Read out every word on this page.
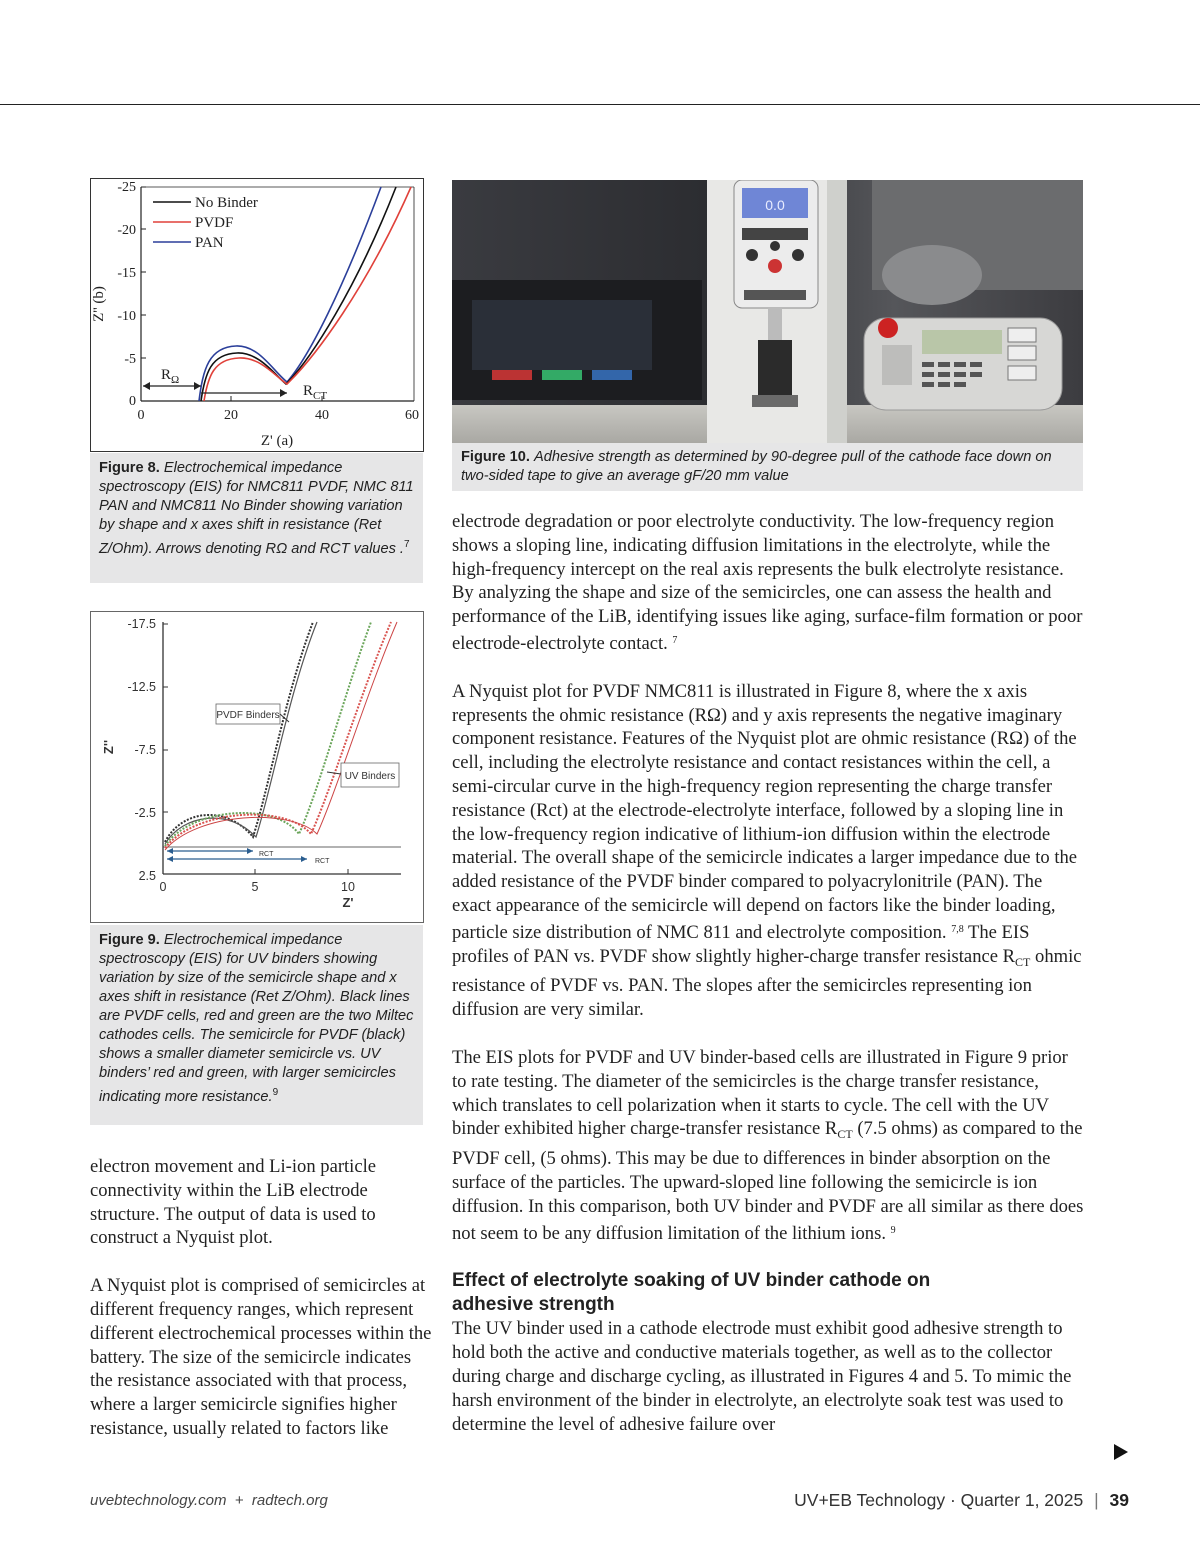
-25
-20
-15
-10
-5
0
0	20	40	60
Z' (a)
Z'' (b)
No Binder
PVDF
PAN
$R_\Omega$
$R_{CT}$
Figure 8. Electrochemical impedance spectroscopy (EIS) for NMC811 PVDF, NMC 811 PAN and NMC811 No Binder showing variation by shape and x axes shift in resistance (Ret Z/Ohm). Arrows denoting RΩ and RCT values .$^7$
-17.5
-12.5
-7.5
-2.5
2.5
0	5	10
Z'
Z''
PVDF Binders
UV Binders
RCT
RCT
Figure 9. Electrochemical impedance spectroscopy (EIS) for UV binders showing variation by size of the semicircle shape and x axes shift in resistance (Ret Z/Ohm). Black lines are PVDF cells, red and green are the two Miltec cathodes cells. The semicircle for PVDF (black) shows a smaller diameter semicircle vs. UV binders’ red and green, with larger semicircles indicating more resistance.$^9$
0.0
Figure 10. Adhesive strength as determined by 90-degree pull of the cathode face down on two-sided tape to give an average gF/20 mm value

electron movement and Li-ion particle connectivity within the LiB electrode structure. The output of data is used to construct a Nyquist plot.

A Nyquist plot is comprised of semicircles at different frequency ranges, which represent different electrochemical processes within the battery. The size of the semicircle indicates the resistance associated with that process, where a larger semicircle signifies higher resistance, usually related to factors like

electrode degradation or poor electrolyte conductivity. The low-frequency region shows a sloping line, indicating diffusion limitations in the electrolyte, while the high-frequency intercept on the real axis represents the bulk electrolyte resistance. By analyzing the shape and size of the semicircles, one can assess the health and performance of the LiB, identifying issues like aging, surface-film formation or poor electrode-electrolyte contact. $^7$

A Nyquist plot for PVDF NMC811 is illustrated in Figure 8, where the x axis represents the ohmic resistance (RΩ) and y axis represents the negative imaginary component resistance. Features of the Nyquist plot are ohmic resistance (RΩ) of the cell, including the electrolyte resistance and contact resistances within the cell, a semi-circular curve in the high-frequency region representing the charge transfer resistance (Rct) at the electrode-electrolyte interface, followed by a sloping line in the low-frequency region indicative of lithium-ion diffusion within the electrode material. The overall shape of the semicircle indicates a larger impedance due to the added resistance of the PVDF binder compared to polyacrylonitrile (PAN). The exact appearance of the semicircle will depend on factors like the binder loading, particle size distribution of NMC 811 and electrolyte composition. $^{7,8}$ The EIS profiles of PAN vs. PVDF show slightly higher-charge transfer resistance $R_{CT}$ ohmic resistance of PVDF vs. PAN. The slopes after the semicircles representing ion diffusion are very similar.

The EIS plots for PVDF and UV binder-based cells are illustrated in Figure 9 prior to rate testing. The diameter of the semicircles is the charge transfer resistance, which translates to cell polarization when it starts to cycle. The cell with the UV binder exhibited higher charge-transfer resistance $R_{CT}$ (7.5 ohms) as compared to the PVDF cell, (5 ohms). This may be due to differences in binder absorption on the surface of the particles. The upward-sloped line following the semicircle is ion diffusion. In this comparison, both UV binder and PVDF are all similar as there does not seem to be any diffusion limitation of the lithium ions. $^9$

Effect of electrolyte soaking of UV binder cathode on adhesive strength

The UV binder used in a cathode electrode must exhibit good adhesive strength to hold both the active and conductive materials together, as well as to the collector during charge and discharge cycling, as illustrated in Figures 4 and 5. To mimic the harsh environment of the binder in electrolyte, an electrolyte soak test was used to determine the level of adhesive failure over

uvebtechnology.com  +  radtech.org	UV+EB Technology · Quarter 1, 2025 | 39
